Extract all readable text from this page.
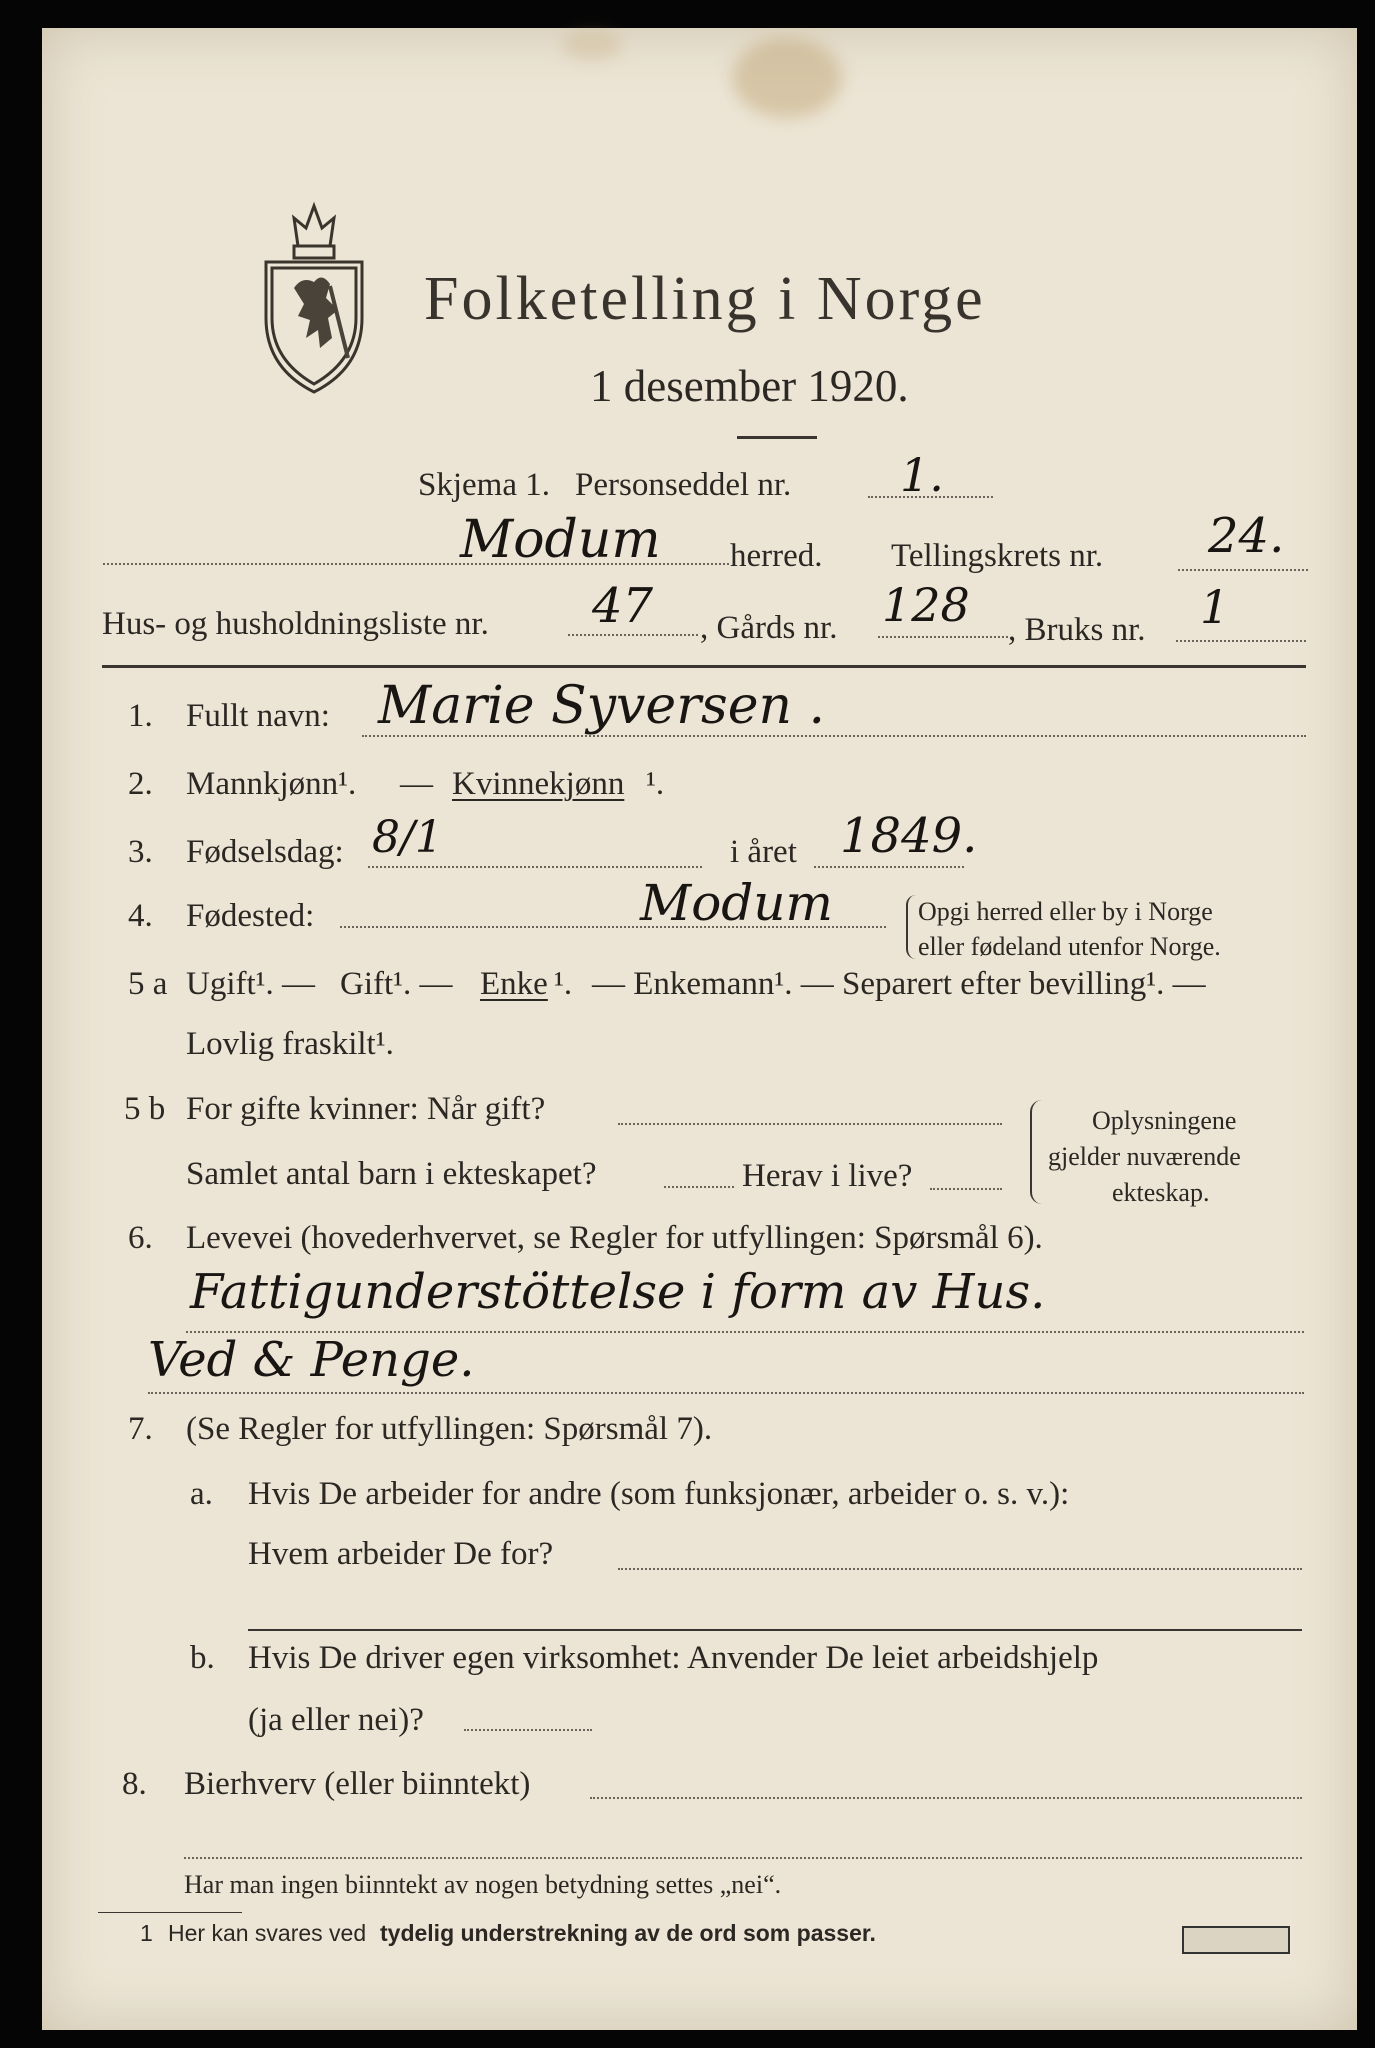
Folketelling i Norge
1 desember 1920.
Skjema 1. Personseddel nr. 1.
Modum herred. Tellingskrets nr. 24.
Hus- og husholdningsliste nr. 47 , Gårds nr. 128 , Bruks nr. 1
1. Fullt navn: Marie Syversen .
2. Mannkjønn¹. — Kvinnekjønn ¹.
3. Fødselsdag: 8/1	i året 1849.
4. Fødested:	Modum	Opgi herred eller by i Norge
eller fødeland utenfor Norge.
5 a Ugift¹. — Gift¹. — Enke ¹. — Enkemann¹. — Separert efter bevilling¹. —
Lovlig fraskilt¹.
5 b For gifte kvinner: Når gift?
Samlet antal barn i ekteskapet?	Herav i live?
Oplysningene
gjelder nuværende
ekteskap.
6. Levevei (hovederhvervet, se Regler for utfyllingen: Spørsmål 6).
Fattigunderstöttelse i form av Hus.
Ved & Penge.
7. (Se Regler for utfyllingen: Spørsmål 7).
a. Hvis De arbeider for andre (som funksjonær, arbeider o. s. v.):
Hvem arbeider De for?
b. Hvis De driver egen virksomhet: Anvender De leiet arbeidshjelp
(ja eller nei)?
8. Bierhverv (eller biinntekt)
Har man ingen biinntekt av nogen betydning settes „nei“.
1 Her kan svares ved tydelig understrekning av de ord som passer.
